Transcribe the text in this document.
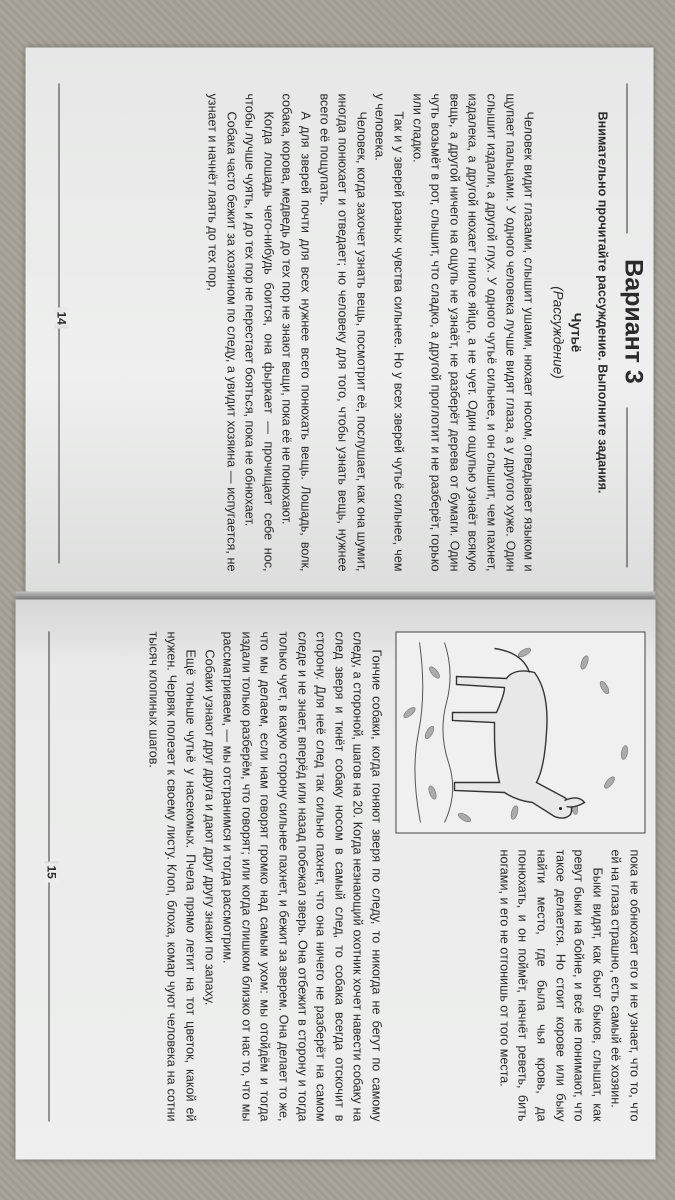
Вариант 3

Внимательно прочитайте рассуждение. Выполните задания.

Чутьё

(Рассуждение)

Человек видит глазами, слышит ушами, нюхает носом, отведывает языком и щупает пальцами. У одного человека лучше видят глаза, а у другого хуже. Один слышит издали, а другой глух. У одного чутьё сильнее, и он слышит, чем пахнет, издалека, а другой нюхает гнилое яйцо, а не чует. Один ощупью узнаёт всякую вещь, а другой ничего на ощупь не узнаёт, не разберёт дерева от бумаги. Один чуть возьмёт в рот, слышит, что сладко, а другой проглотит и не разберёт, горько или сладко.

Так и у зверей разных чувства сильнее. Но у всех зверей чутьё сильнее, чем у человека.

Человек, когда захочет узнать вещь, посмотрит её, послушает, как она шумит, иногда понюхает и отведает; но человеку для того, чтобы узнать вещь, нужнее всего её пощупать.

А для зверей почти для всех нужнее всего понюхать вещь. Лошадь, волк, собака, корова, медведь до тех пор не знают вещи, пока её не понюхают.

Когда лошадь чего-нибудь боится, она фыркает — прочищает себе нос, чтобы лучше чуять, и до тех пор не перестает бояться, пока не обнюхает.

Собака часто бежит за хозяином по следу, а увидит хозяина — испугается, не узнает и начнёт лаять до тех пор,

14

пока не обнюхает его и не узнает, что то, что ей на глаза страшно, есть самый её хозяин.

Быки видят, как бьют быков, слышат, как ревут быки на бойне, и всё не понимают, что такое делается. Но стоит корове или быку найти место, где была чья кровь, да понюхать, и он поймёт, начнёт реветь, бить ногами, и его не отгонишь от того места.

Гончие собаки, когда гоняют зверя по следу, то никогда не бегут по самому следу, а стороной, шагов на 20. Когда незнающий охотник хочет навести собаку на след зверя и ткнёт собаку носом в самый след, то собака всегда отскочит в сторону. Для неё след так сильно пахнет, что она ничего не разберёт на самом следе и не знает, вперёд или назад побежал зверь. Она отбежит в сторону и тогда только чует, в какую сторону сильнее пахнет, и бежит за зверем. Она делает то же, что мы делаем, если нам говорят громко над самым ухом: мы отойдём и тогда издали только разберём, что говорят; или когда слишком близко от нас то, что мы рассматриваем, — мы отстранимся и тогда рассмотрим.

Собаки узнают друг друга и дают друг другу знаки по запаху.

Ещё тоньше чутьё у насекомых. Пчела прямо летит на тот цветок, какой ей нужен. Червяк полезет к своему листу. Клоп, блоха, комар чуют человека на сотни тысяч клопиных шагов.

15
